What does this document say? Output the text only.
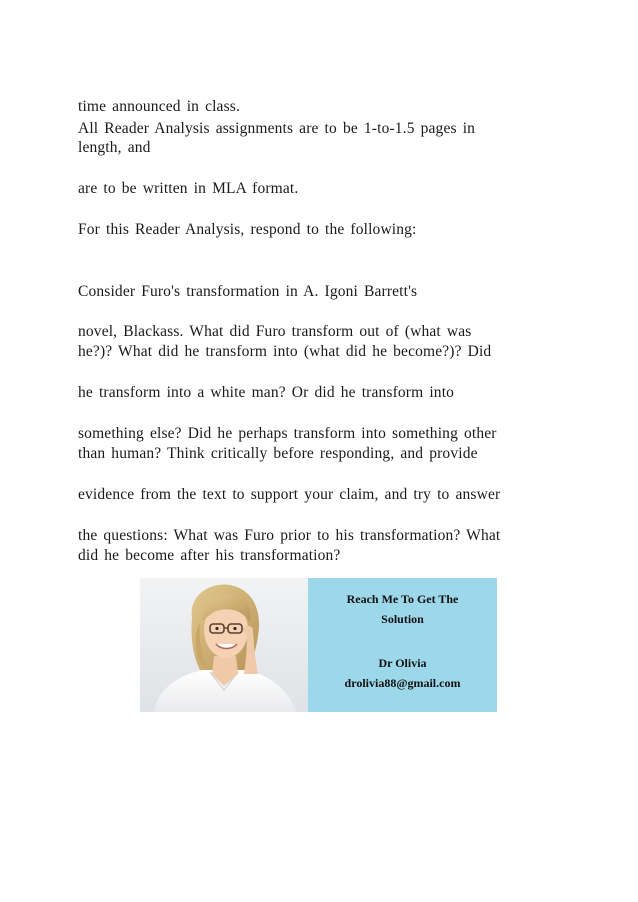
time announced in class.
All Reader Analysis assignments are to be 1-to-1.5 pages in
length, and
are to be written in MLA format.
For this Reader Analysis, respond to the following:
Consider Furo's transformation in A. Igoni Barrett's
novel, Blackass. What did Furo transform out of (what was
he?)? What did he transform into (what did he become?)? Did
he transform into a white man? Or did he transform into
something else? Did he perhaps transform into something other
than human? Think critically before responding, and provide
evidence from the text to support your claim, and try to answer
the questions: What was Furo prior to his transformation? What
did he become after his transformation?
Reach Me To Get The
Solution
Dr Olivia
drolivia88@gmail.com
